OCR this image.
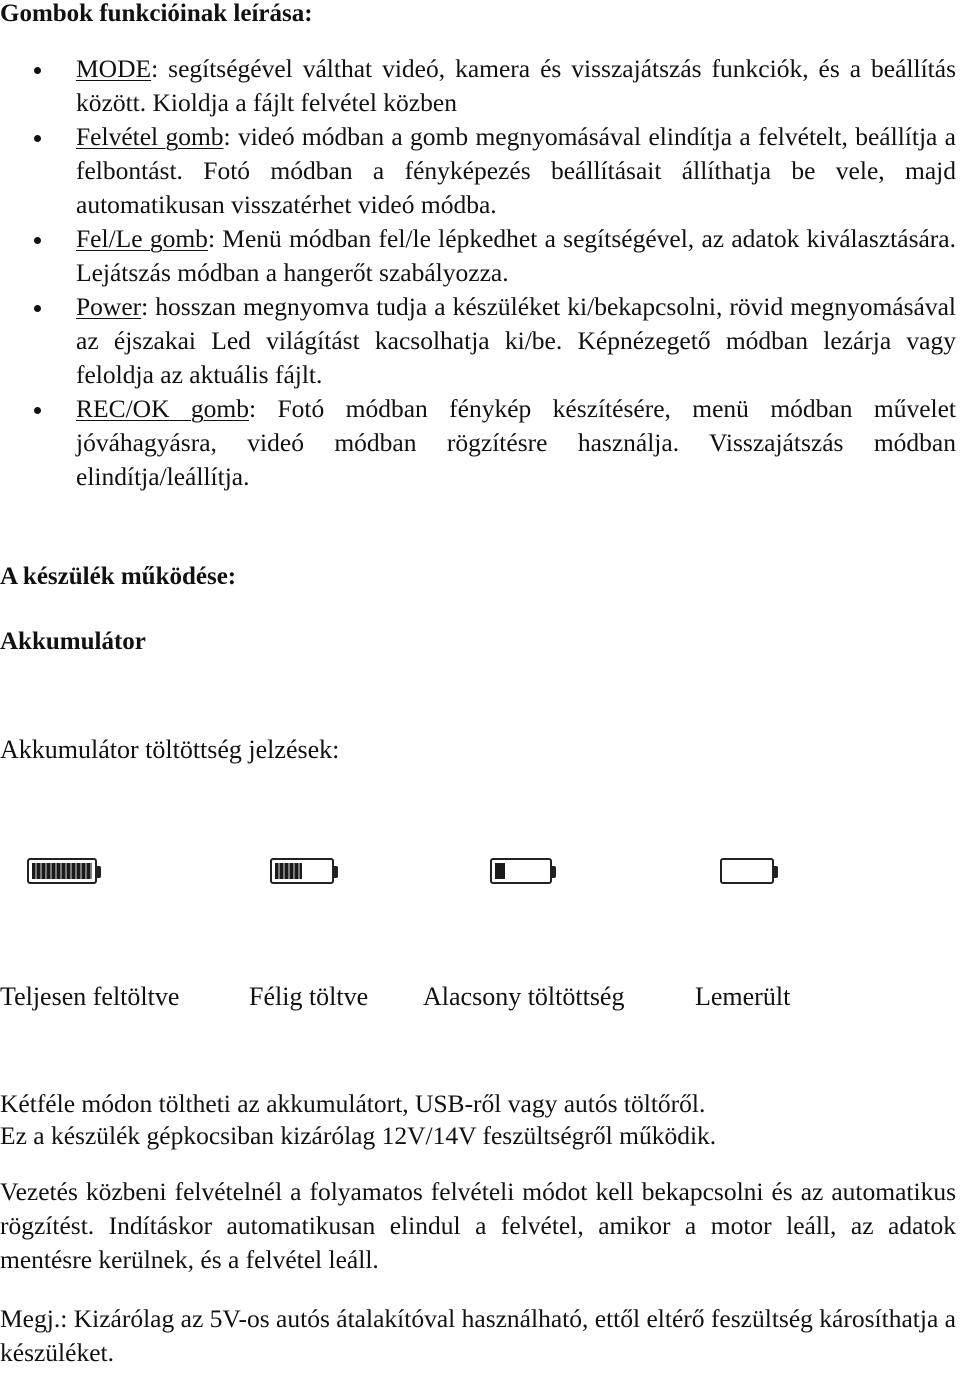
Gombok funkcióinak leírása:
MODE: segítségével válthat videó, kamera és visszajátszás funkciók, és a beállítás között. Kioldja a fájlt felvétel közben
Felvétel gomb: videó módban a gomb megnyomásával elindítja a felvételt, beállítja a felbontást. Fotó módban a fényképezés beállításait állíthatja be vele, majd automatikusan visszatérhet videó módba.
Fel/Le gomb: Menü módban fel/le lépkedhet a segítségével, az adatok kiválasztására. Lejátszás módban a hangerőt szabályozza.
Power: hosszan megnyomva tudja a készüléket ki/bekapcsolni, rövid megnyomásával az éjszakai Led világítást kacsolhatja ki/be. Képnézegető módban lezárja vagy feloldja az aktuális fájlt.
REC/OK gomb: Fotó módban fénykép készítésére, menü módban művelet jóváhagyásra, videó módban rögzítésre használja. Visszajátszás módban elindítja/leállítja.
A készülék működése:
Akkumulátor

Akkumulátor töltöttség jelzések:

Teljesen feltöltve	Félig töltve Alacsony töltöttség	Lemerült

Kétféle módon töltheti az akkumulátort, USB-ről vagy autós töltőről.

Ez a készülék gépkocsiban kizárólag 12V/14V feszültségről működik.

Vezetés közbeni felvételnél a folyamatos felvételi módot kell bekapcsolni és az automatikus rögzítést. Indításkor automatikusan elindul a felvétel, amikor a motor leáll, az adatok mentésre kerülnek, és a felvétel leáll.

Megj.: Kizárólag az 5V-os autós átalakítóval használható, ettől eltérő feszültség károsíthatja a készüléket.
